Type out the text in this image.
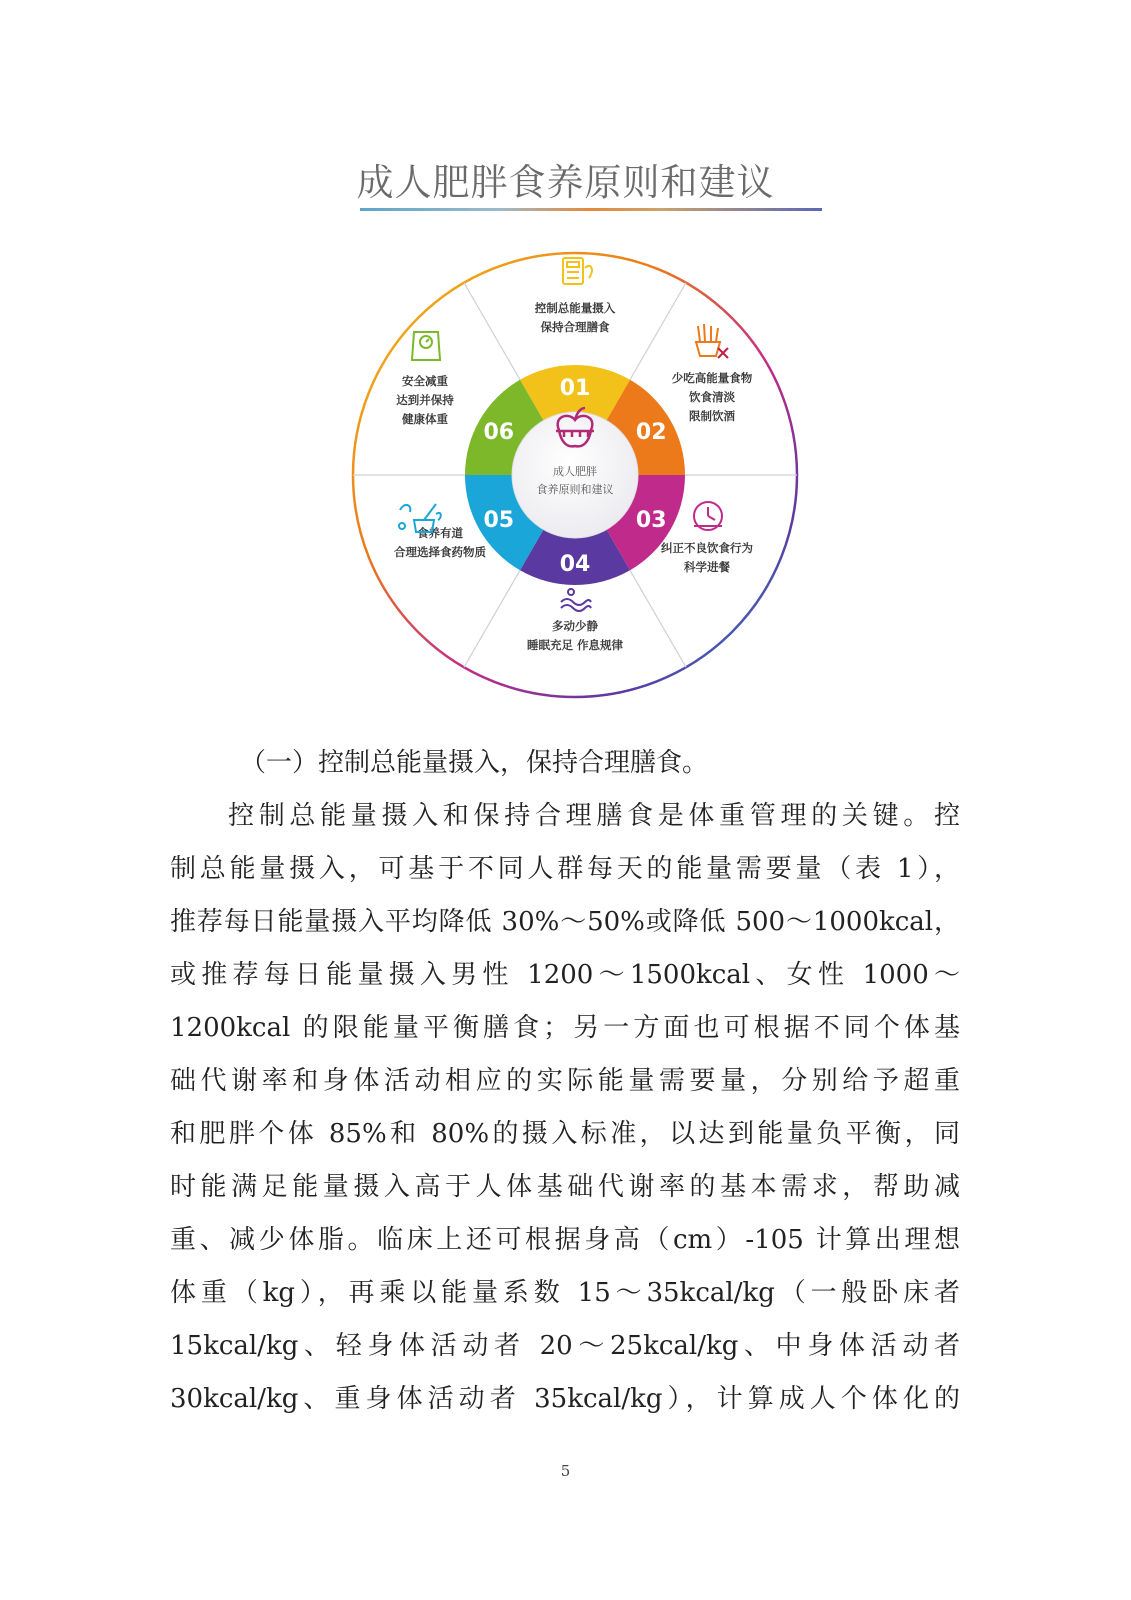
成人肥胖食养原则和建议
控制总能量摄入
保持合理膳食
少吃高能量食物
饮食清淡
限制饮酒
纠正不良饮食行为
科学进餐
多动少静
睡眠充足 作息规律
食养有道
合理选择食药物质
安全减重
达到并保持
健康体重
01
02
03
04
05
06
成人肥胖
食养原则和建议
（一）控制总能量摄入，保持合理膳食。
控制总能量摄入和保持合理膳食是体重管理的关键。控
制总能量摄入，可基于不同人群每天的能量需要量（表 1），
推荐每日能量摄入平均降低 30%～50%或降低 500～1000kcal，
或推荐每日能量摄入男性 1200～1500kcal、女性 1000～
1200kcal 的限能量平衡膳食；另一方面也可根据不同个体基
础代谢率和身体活动相应的实际能量需要量，分别给予超重
和肥胖个体 85%和 80%的摄入标准，以达到能量负平衡，同
时能满足能量摄入高于人体基础代谢率的基本需求，帮助减
重、减少体脂。临床上还可根据身高（cm）-105 计算出理想
体重（kg），再乘以能量系数 15～35kcal/kg（一般卧床者
15kcal/kg、轻身体活动者 20～25kcal/kg、中身体活动者
30kcal/kg、重身体活动者 35kcal/kg），计算成人个体化的
5
